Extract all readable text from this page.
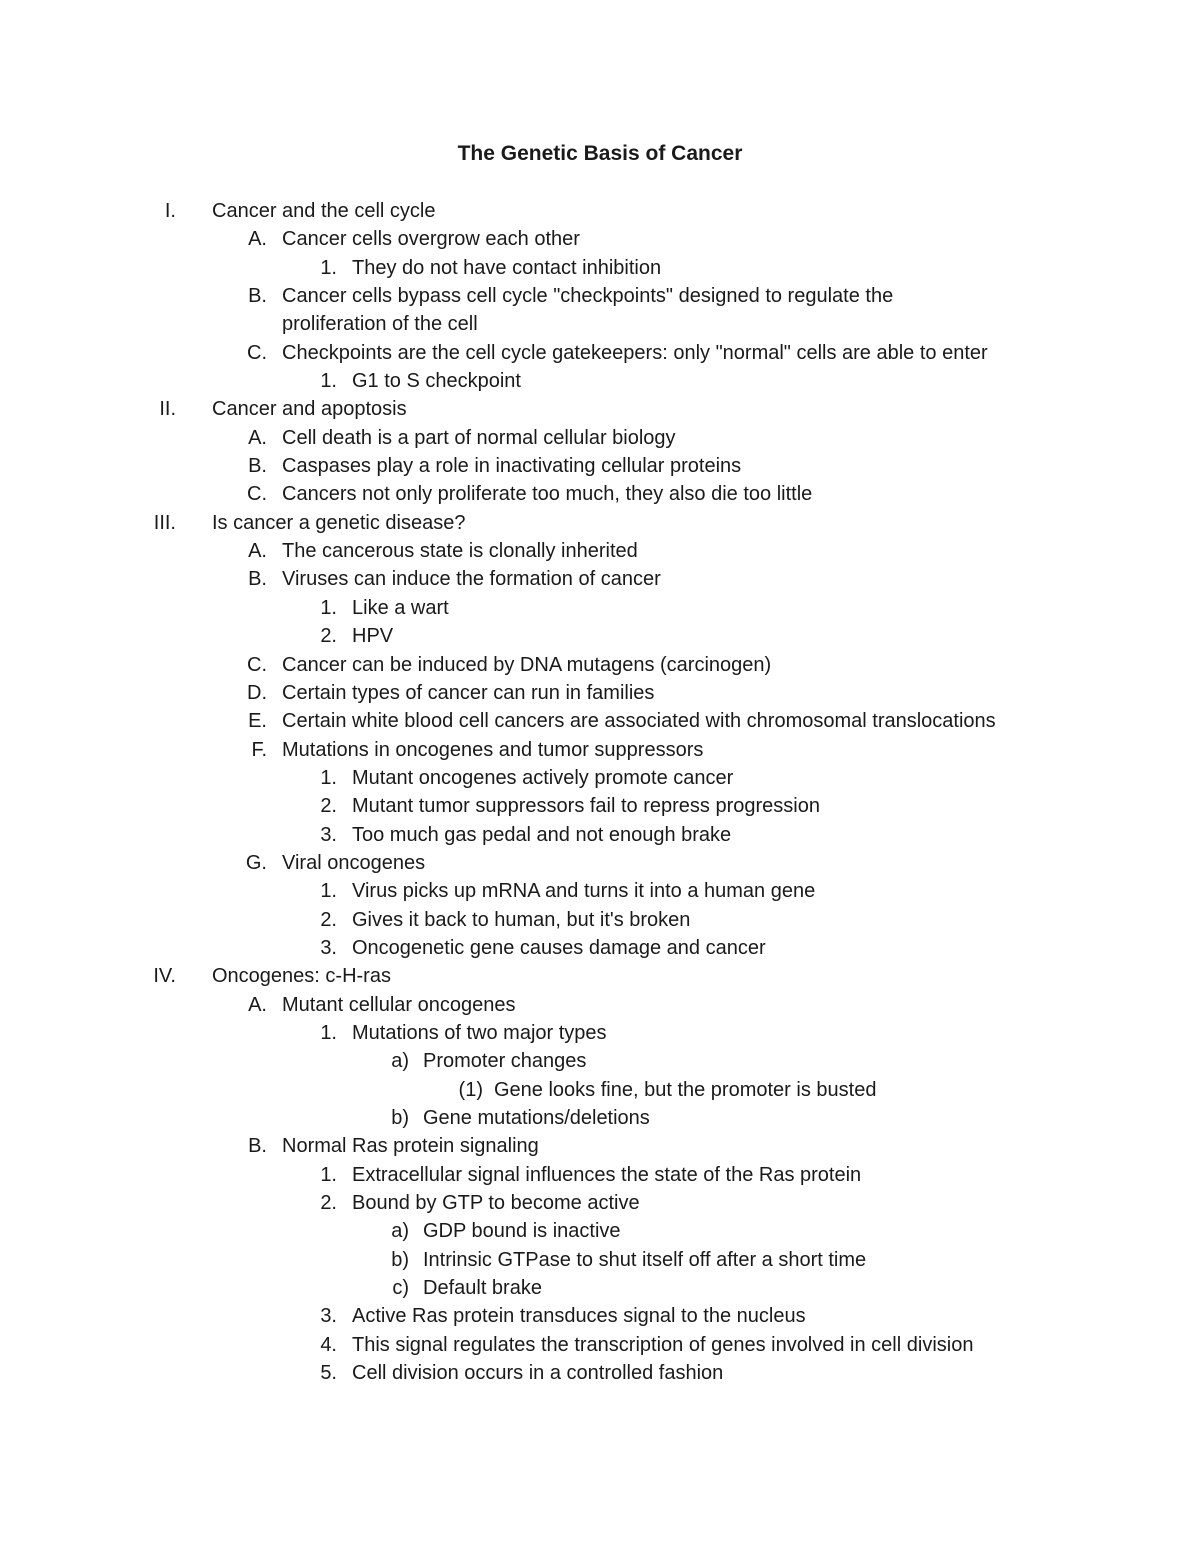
The Genetic Basis of Cancer
I. Cancer and the cell cycle
A. Cancer cells overgrow each other
1. They do not have contact inhibition
B. Cancer cells bypass cell cycle "checkpoints" designed to regulate the
proliferation of the cell
C. Checkpoints are the cell cycle gatekeepers: only "normal" cells are able to enter
1. G1 to S checkpoint
II. Cancer and apoptosis
A. Cell death is a part of normal cellular biology
B. Caspases play a role in inactivating cellular proteins
C. Cancers not only proliferate too much, they also die too little
III. Is cancer a genetic disease?
A. The cancerous state is clonally inherited
B. Viruses can induce the formation of cancer
1. Like a wart
2. HPV
C. Cancer can be induced by DNA mutagens (carcinogen)
D. Certain types of cancer can run in families
E. Certain white blood cell cancers are associated with chromosomal translocations
F. Mutations in oncogenes and tumor suppressors
1. Mutant oncogenes actively promote cancer
2. Mutant tumor suppressors fail to repress progression
3. Too much gas pedal and not enough brake
G. Viral oncogenes
1. Virus picks up mRNA and turns it into a human gene
2. Gives it back to human, but it's broken
3. Oncogenetic gene causes damage and cancer
IV. Oncogenes: c-H-ras
A. Mutant cellular oncogenes
1. Mutations of two major types
a) Promoter changes
(1) Gene looks fine, but the promoter is busted
b) Gene mutations/deletions
B. Normal Ras protein signaling
1. Extracellular signal influences the state of the Ras protein
2. Bound by GTP to become active
a) GDP bound is inactive
b) Intrinsic GTPase to shut itself off after a short time
c) Default brake
3. Active Ras protein transduces signal to the nucleus
4. This signal regulates the transcription of genes involved in cell division
5. Cell division occurs in a controlled fashion
